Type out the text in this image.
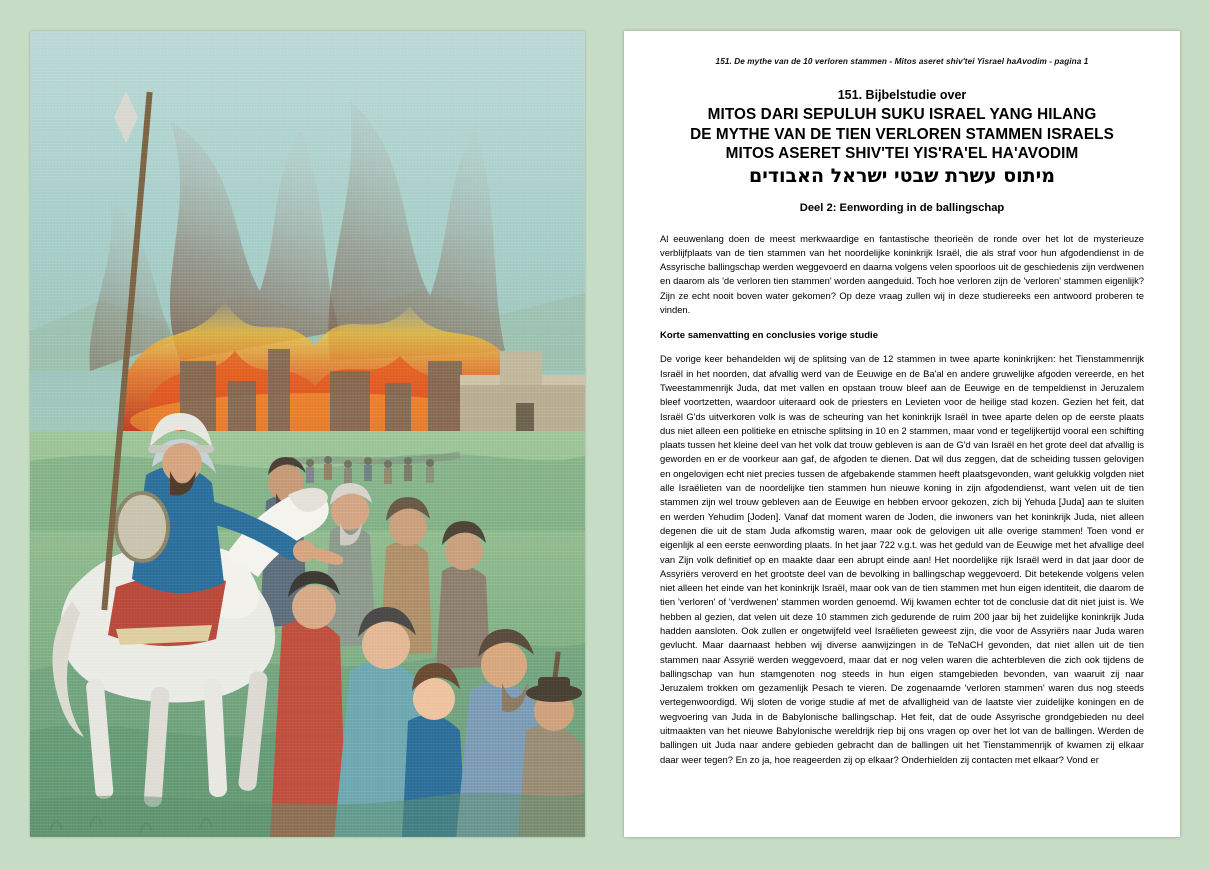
151. De mythe van de 10 verloren stammen - Mitos aseret shiv'tei Yisrael haAvodim - pagina 1
151. Bijbelstudie over
MITOS DARI SEPULUH SUKU ISRAEL YANG HILANG
DE MYTHE VAN DE TIEN VERLOREN STAMMEN ISRAELS
MITOS ASERET SHIV'TEI YIS'RA'EL HA'AVODIM
מיתוס עשרת שבטי ישראל האבודים
Deel 2: Eenwording in de ballingschap

Al eeuwenlang doen de meest merkwaardige en fantastische theorieën de ronde over het lot de mysterieuze verblijfplaats van de tien stammen van het noordelijke koninkrijk Israël, die als straf voor hun afgodendienst in de Assyrische ballingschap werden weggevoerd en daarna volgens velen spoorloos uit de geschiedenis zijn verdwenen en daarom als 'de verloren tien stammen' worden aangeduid. Toch hoe verloren zijn de 'verloren' stammen eigenlijk? Zijn ze echt nooit boven water gekomen? Op deze vraag zullen wij in deze studiereeks een antwoord proberen te vinden.

Korte samenvatting en conclusies vorige studie

De vorige keer behandelden wij de splitsing van de 12 stammen in twee aparte koninkrijken: het Tienstammenrijk Israël in het noorden, dat afvallig werd van de Eeuwige en de Ba'al en andere gruwelijke afgoden vereerde, en het Tweestammenrijk Juda, dat met vallen en opstaan trouw bleef aan de Eeuwige en de tempeldienst in Jeruzalem bleef voortzetten, waardoor uiteraard ook de priesters en Levieten voor de heilige stad kozen. Gezien het feit, dat Israël G'ds uitverkoren volk is was de scheuring van het koninkrijk Israël in twee aparte delen op de eerste plaats dus niet alleen een politieke en etnische splitsing in 10 en 2 stammen, maar vond er tegelijkertijd vooral een schifting plaats tussen het kleine deel van het volk dat trouw gebleven is aan de G'd van Israël en het grote deel dat afvallig is geworden en er de voorkeur aan gaf, de afgoden te dienen. Dat wil dus zeggen, dat de scheiding tussen gelovigen en ongelovigen echt niet precies tussen de afgebakende stammen heeft plaatsgevonden, want gelukkig volgden niet alle Israëlieten van de noordelijke tien stammen hun nieuwe koning in zijn afgodendienst, want velen uit de tien stammen zijn wel trouw gebleven aan de Eeuwige en hebben ervoor gekozen, zich bij Yehuda [Juda] aan te sluiten en werden Yehudim [Joden]. Vanaf dat moment waren de Joden, die inwoners van het koninkrijk Juda, niet alleen degenen die uit de stam Juda afkomstig waren, maar ook de gelovigen uit alle overige stammen! Toen vond er eigenlijk al een eerste eenwording plaats. In het jaar 722 v.g.t. was het geduld van de Eeuwige met het afvallige deel van Zijn volk definitief op en maakte daar een abrupt einde aan! Het noordelijke rijk Israël werd in dat jaar door de Assyriërs veroverd en het grootste deel van de bevolking in ballingschap weggevoerd. Dit betekende volgens velen niet alleen het einde van het koninkrijk Israël, maar ook van de tien stammen met hun eigen identiteit, die daarom de tien 'verloren' of 'verdwenen' stammen worden genoemd. Wij kwamen echter tot de conclusie dat dit niet juist is. We hebben al gezien, dat velen uit deze 10 stammen zich gedurende de ruim 200 jaar bij het zuidelijke koninkrijk Juda hadden aansloten. Ook zullen er ongetwijfeld veel Israëlieten geweest zijn, die voor de Assyriërs naar Juda waren gevlucht. Maar daarnaast hebben wij diverse aanwijzingen in de TeNaCH gevonden, dat niet allen uit de tien stammen naar Assyrië werden weggevoerd, maar dat er nog velen waren die achterbleven die zich ook tijdens de ballingschap van hun stamgenoten nog steeds in hun eigen stamgebieden bevonden, van waaruit zij naar Jeruzalem trokken om gezamenlijk Pesach te vieren. De zogenaamde 'verloren stammen' waren dus nog steeds vertegenwoordigd. Wij sloten de vorige studie af met de afvalligheid van de laatste vier zuidelijke koningen en de wegvoering van Juda in de Babylonische ballingschap. Het feit, dat de oude Assyrische grondgebieden nu deel uitmaakten van het nieuwe Babylonische wereldrijk riep bij ons vragen op over het lot van de ballingen. Werden de ballingen uit Juda naar andere gebieden gebracht dan de ballingen uit het Tienstammenrijk of kwamen zij elkaar daar weer tegen? En zo ja, hoe reageerden zij op elkaar? Onderhielden zij contacten met elkaar? Vond er
